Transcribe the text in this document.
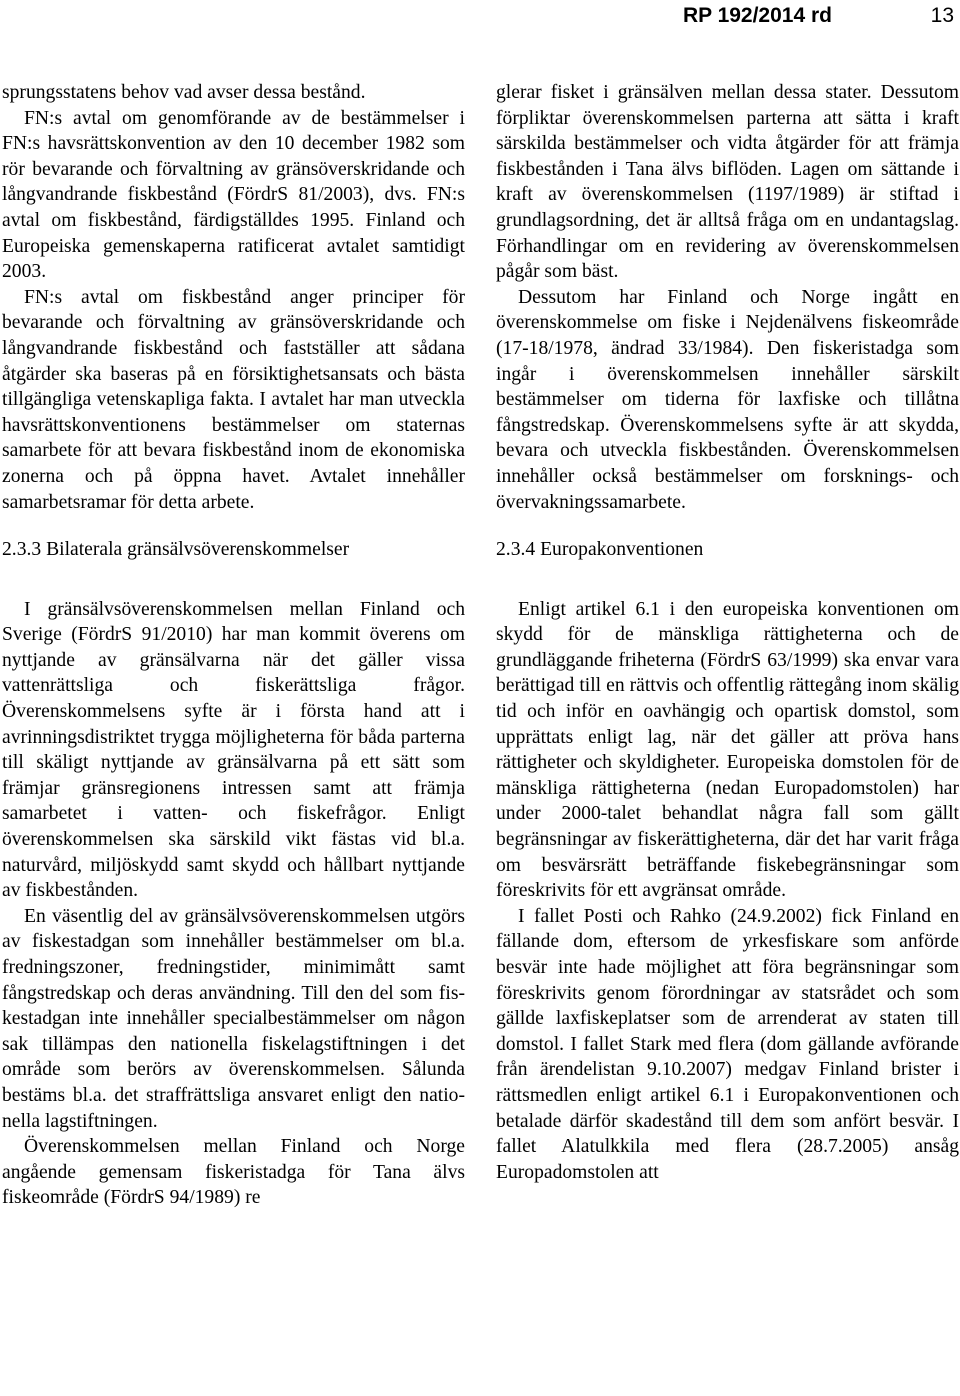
RP 192/2014 rd	13

sprungsstatens behov vad avser dessa bestånd.

FN:s avtal om genomförande av de bestämmelser i FN:s havsrättskonvention av den 10 december 1982 som rör bevarande och förvaltning av gränsöverskridande och långvandrande fiskbestånd (FördrS 81/2003), dvs. FN:s avtal om fiskbestånd, färdigställdes 1995. Finland och Europeiska gemenskaperna ratificerat avtalet samtidigt 2003.

FN:s avtal om fiskbestånd anger principer för bevarande och förvaltning av gränsöverskridande och långvandrande fiskbestånd och fastställer att sådana åtgärder ska baseras på en försiktighetsansats och bästa tillgängliga vetenskapliga fakta. I avtalet har man utveckla havsrättskonventionens bestämmelser om staternas samarbete för att bevara fiskbestånd inom de ekonomiska zonerna och på öppna havet. Avtalet innehåller samarbetsramar för detta arbete.

2.3.3 Bilaterala gränsälvsöverenskommelser

I gränsälvsöverenskommelsen mellan Finland och Sverige (FördrS 91/2010) har man kommit överens om nyttjande av gränsälvarna när det gäller vissa vattenrättsliga och fiskerättsliga frågor. Överenskommelsens syfte är i första hand att i avrinningsdistriktet trygga möjligheterna för båda parterna till skäligt nyttjande av gränsälvarna på ett sätt som främjar gränsregionens intressen samt att främja samarbetet i vatten- och fiskefrågor. Enligt överenskommelsen ska särskild vikt fästas vid bl.a. naturvård, miljöskydd samt skydd och hållbart nyttjande av fiskbestånden.

En väsentlig del av gränsälvsöverenskommelsen utgörs av fiskestadgan som innehåller bestämmelser om bl.a. fredningszoner, fredningstider, minimimått samt fångstredskap och deras användning. Till den del som fiskestadgan inte innehåller specialbestämmelser om någon sak tillämpas den nationella fiskelagstiftningen i det område som berörs av överenskommelsen. Sålunda bestäms bl.a. det straffrättsliga ansvaret enligt den nationella lagstiftningen.

Överenskommelsen mellan Finland och Norge angående gemensam fiskeristadga för Tana älvs fiskeområde (FördrS 94/1989) re

glerar fisket i gränsälven mellan dessa stater. Dessutom förpliktar överenskommelsen parterna att sätta i kraft särskilda bestämmelser och vidta åtgärder för att främja fiskbestånden i Tana älvs biflöden. Lagen om sättande i kraft av överenskommelsen (1197/1989) är stiftad i grundlagsordning, det är alltså fråga om en undantagslag. Förhandlingar om en revidering av överenskommelsen pågår som bäst.

Dessutom har Finland och Norge ingått en överenskommelse om fiske i Nejdenälvens fiskeområde (17-18/1978, ändrad 33/1984). Den fiskeristadga som ingår i överenskommelsen innehåller särskilt bestämmelser om tiderna för laxfiske och tillåtna fångstredskap. Överenskommelsens syfte är att skydda, bevara och utveckla fiskbestånden. Överenskommelsen innehåller också bestämmelser om forsknings- och övervakningssamarbete.

2.3.4 Europakonventionen

Enligt artikel 6.1 i den europeiska konventionen om skydd för de mänskliga rättigheterna och de grundläggande friheterna (FördrS 63/1999) ska envar vara berättigad till en rättvis och offentlig rättegång inom skälig tid och inför en oavhängig och opartisk domstol, som upprättats enligt lag, när det gäller att pröva hans rättigheter och skyldigheter. Europeiska domstolen för de mänskliga rättigheterna (nedan Europadomstolen) har under 2000-talet behandlat några fall som gällt begränsningar av fiskerättigheterna, där det har varit fråga om besvärsrätt beträffande fiskebegränsningar som föreskrivits för ett avgränsat område.

I fallet Posti och Rahko (24.9.2002) fick Finland en fällande dom, eftersom de yrkesfiskare som anförde besvär inte hade möjlighet att föra begränsningar som föreskrivits genom förordningar av statsrådet och som gällde laxfiskeplatser som de arrenderat av staten till domstol. I fallet Stark med flera (dom gällande avförande från ärendelistan 9.10.2007) medgav Finland brister i rättsmedlen enligt artikel 6.1 i Europakonventionen och betalade därför skadestånd till dem som anfört besvär. I fallet Alatulkkila med flera (28.7.2005) ansåg Europadomstolen att
